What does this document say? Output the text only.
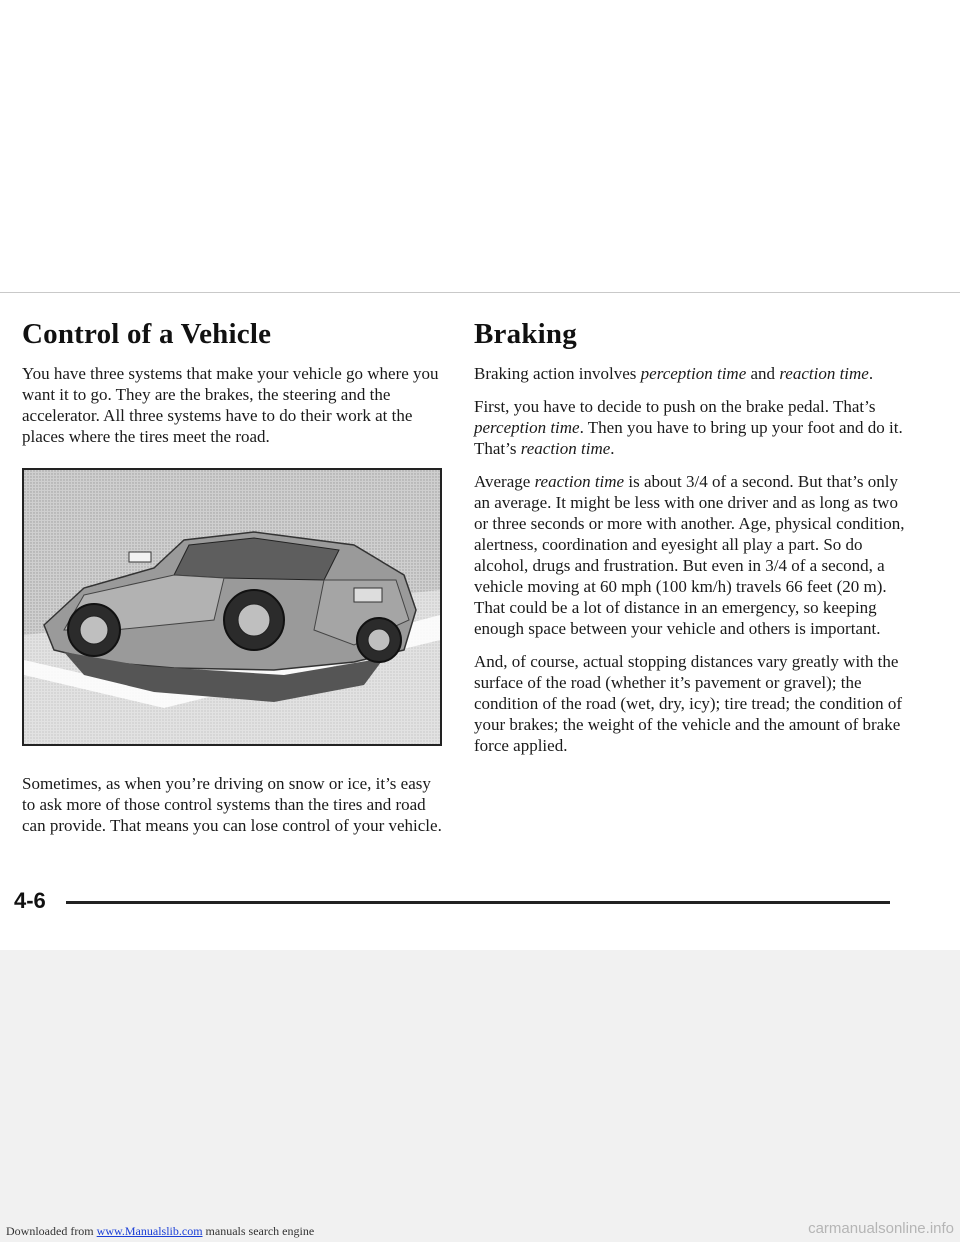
Control of a Vehicle

You have three systems that make your vehicle go where you want it to go. They are the brakes, the steering and the accelerator. All three systems have to do their work at the places where the tires meet the road.

Sometimes, as when you’re driving on snow or ice, it’s easy to ask more of those control systems than the tires and road can provide. That means you can lose control of your vehicle.

Braking

Braking action involves perception time and reaction time.

First, you have to decide to push on the brake pedal. That’s perception time. Then you have to bring up your foot and do it. That’s reaction time.

Average reaction time is about 3/4 of a second. But that’s only an average. It might be less with one driver and as long as two or three seconds or more with another. Age, physical condition, alertness, coordination and eyesight all play a part. So do alcohol, drugs and frustration. But even in 3/4 of a second, a vehicle moving at 60 mph (100 km/h) travels 66 feet (20 m). That could be a lot of distance in an emergency, so keeping enough space between your vehicle and others is important.

And, of course, actual stopping distances vary greatly with the surface of the road (whether it’s pavement or gravel); the condition of the road (wet, dry, icy); tire tread; the condition of your brakes; the weight of the vehicle and the amount of brake force applied.

4-6
Downloaded from www.Manualslib.com manuals search engine	carmanualsonline.info
